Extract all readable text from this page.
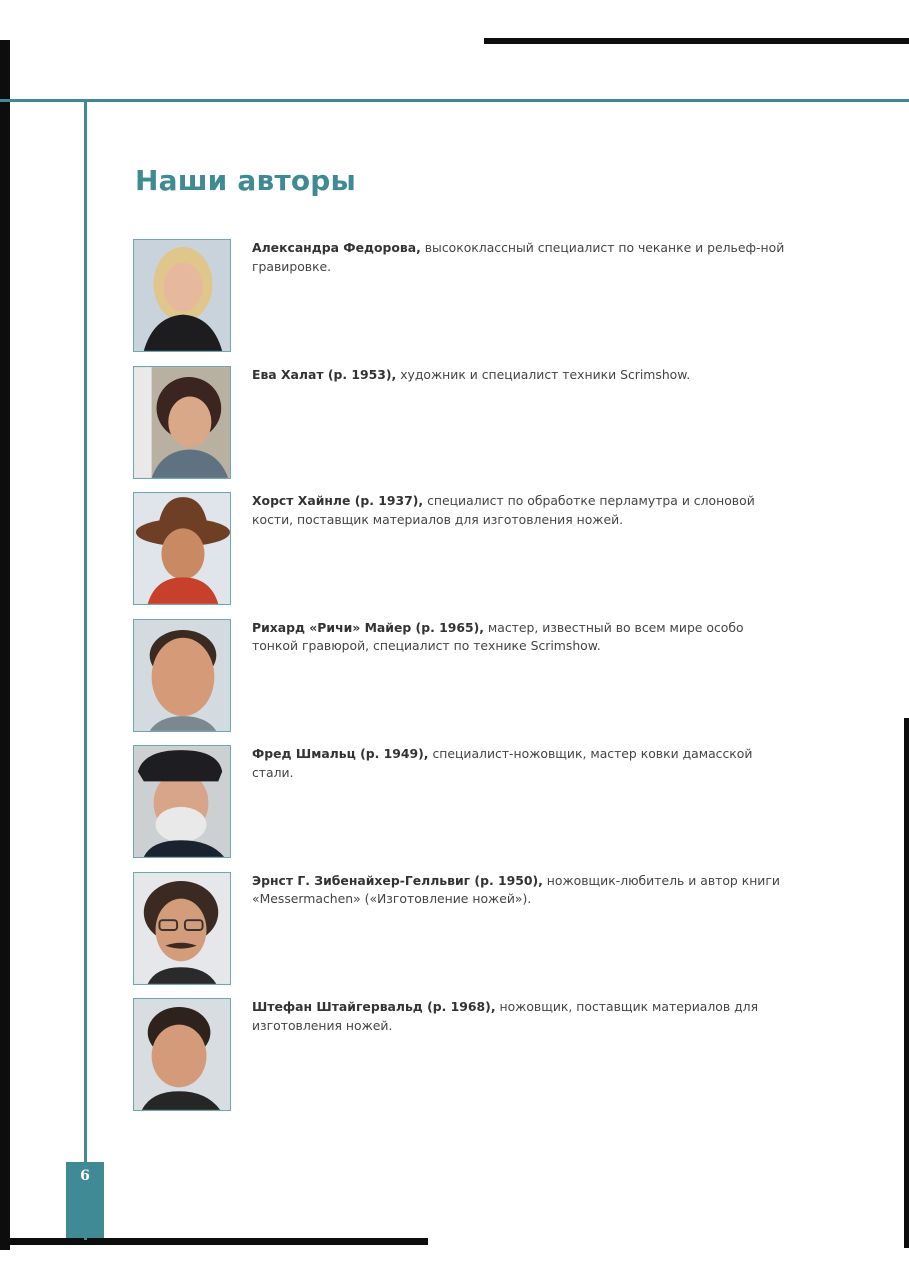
Наши авторы

Александра Федорова, высококлассный специалист по чеканке и рельеф-ной гравировке.

Ева Халат (р. 1953), художник и специалист техники Scrimshow.

Хорст Хайнле (р. 1937), специалист по обработке перламутра и слоновой кости, поставщик материалов для изготовления ножей.

Рихард «Ричи» Майер (р. 1965), мастер, известный во всем мире особо тонкой гравюрой, специалист по технике Scrimshow.

Фред Шмальц (р. 1949), специалист-ножовщик, мастер ковки дамасской стали.

Эрнст Г. Зибенайхер-Гелльвиг (р. 1950), ножовщик-любитель и автор книги «Messermachen» («Изготовление ножей»).

Штефан Штайгервальд (р. 1968), ножовщик, поставщик материалов для изготовления ножей.

6
